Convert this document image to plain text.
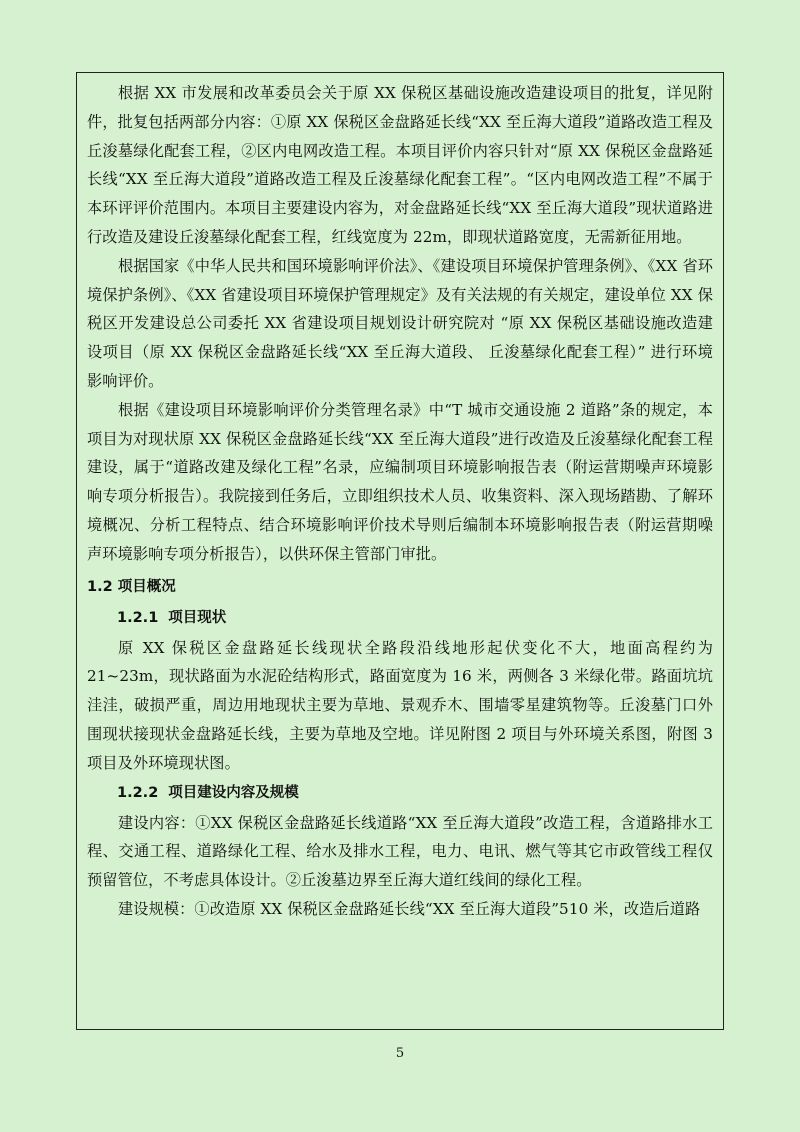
根据 XX 市发展和改革委员会关于原 XX 保税区基础设施改造建设项目的批复，详见附件，批复包括两部分内容：①原 XX 保税区金盘路延长线“XX 至丘海大道段”道路改造工程及丘浚墓绿化配套工程，②区内电网改造工程。本项目评价内容只针对“原 XX 保税区金盘路延长线“XX 至丘海大道段”道路改造工程及丘浚墓绿化配套工程”。“区内电网改造工程”不属于本环评评价范围内。本项目主要建设内容为，对金盘路延长线“XX 至丘海大道段”现状道路进行改造及建设丘浚墓绿化配套工程，红线宽度为 22m，即现状道路宽度，无需新征用地。

根据国家《中华人民共和国环境影响评价法》、《建设项目环境保护管理条例》、《XX 省环境保护条例》、《XX 省建设项目环境保护管理规定》及有关法规的有关规定，建设单位 XX 保税区开发建设总公司委托 XX 省建设项目规划设计研究院对 “原 XX 保税区基础设施改造建设项目（原 XX 保税区金盘路延长线“XX 至丘海大道段、 丘浚墓绿化配套工程）” 进行环境影响评价。

根据《建设项目环境影响评价分类管理名录》中“T 城市交通设施 2 道路”条的规定，本项目为对现状原 XX 保税区金盘路延长线“XX 至丘海大道段”进行改造及丘浚墓绿化配套工程建设，属于“道路改建及绿化工程”名录，应编制项目环境影响报告表（附运营期噪声环境影响专项分析报告）。我院接到任务后，立即组织技术人员、收集资料、深入现场踏勘、了解环境概况、分析工程特点、结合环境影响评价技术导则后编制本环境影响报告表（附运营期噪声环境影响专项分析报告），以供环保主管部门审批。

1.2 项目概况
1.2.1 项目现状

原 XX 保税区金盘路延长线现状全路段沿线地形起伏变化不大，地面高程约为 21~23m，现状路面为水泥砼结构形式，路面宽度为 16 米，两侧各 3 米绿化带。路面坑坑洼洼，破损严重，周边用地现状主要为草地、景观乔木、围墙零星建筑物等。丘浚墓门口外围现状接现状金盘路延长线，主要为草地及空地。详见附图 2 项目与外环境关系图，附图 3 项目及外环境现状图。

1.2.2 项目建设内容及规模

建设内容：①XX 保税区金盘路延长线道路“XX 至丘海大道段”改造工程，含道路排水工程、交通工程、道路绿化工程、给水及排水工程，电力、电讯、燃气等其它市政管线工程仅预留管位，不考虑具体设计。②丘浚墓边界至丘海大道红线间的绿化工程。

建设规模：①改造原 XX 保税区金盘路延长线“XX 至丘海大道段”510 米，改造后道路

5
